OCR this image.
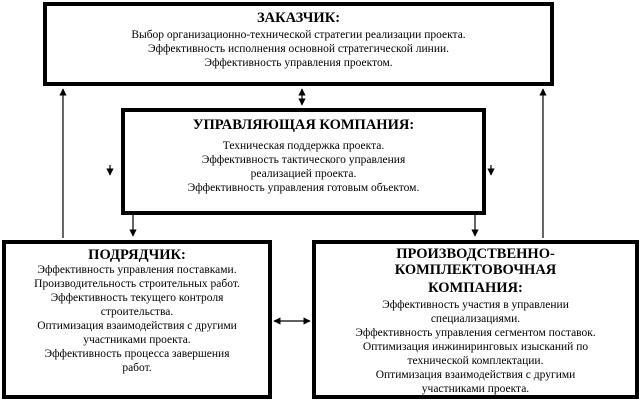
ЗАКАЗЧИК:
Выбор организационно-технической стратегии реализации проекта.
Эффективность исполнения основной стратегической линии.
Эффективность управления проектом.
УПРАВЛЯЮЩАЯ КОМПАНИЯ:
Техническая поддержка проекта.
Эффективность тактического управления
реализацией проекта.
Эффективность управления готовым объектом.
ПОДРЯДЧИК:
Эффективность управления поставками.
Производительность строительных работ.
Эффективность текущего контроля
строительства.
Оптимизация взаимодействия с другими
участниками проекта.
Эффективность процесса завершения
работ.
ПРОИЗВОДСТВЕННО-КОМПЛЕКТОВОЧНАЯ
КОМПАНИЯ:
Эффективность участия в управлении
специализациями.
Эффективность управления сегментом поставок.
Оптимизация инжиниринговых изысканий по
технической комплектации.
Оптимизация взаимодействия с другими
участниками проекта.
